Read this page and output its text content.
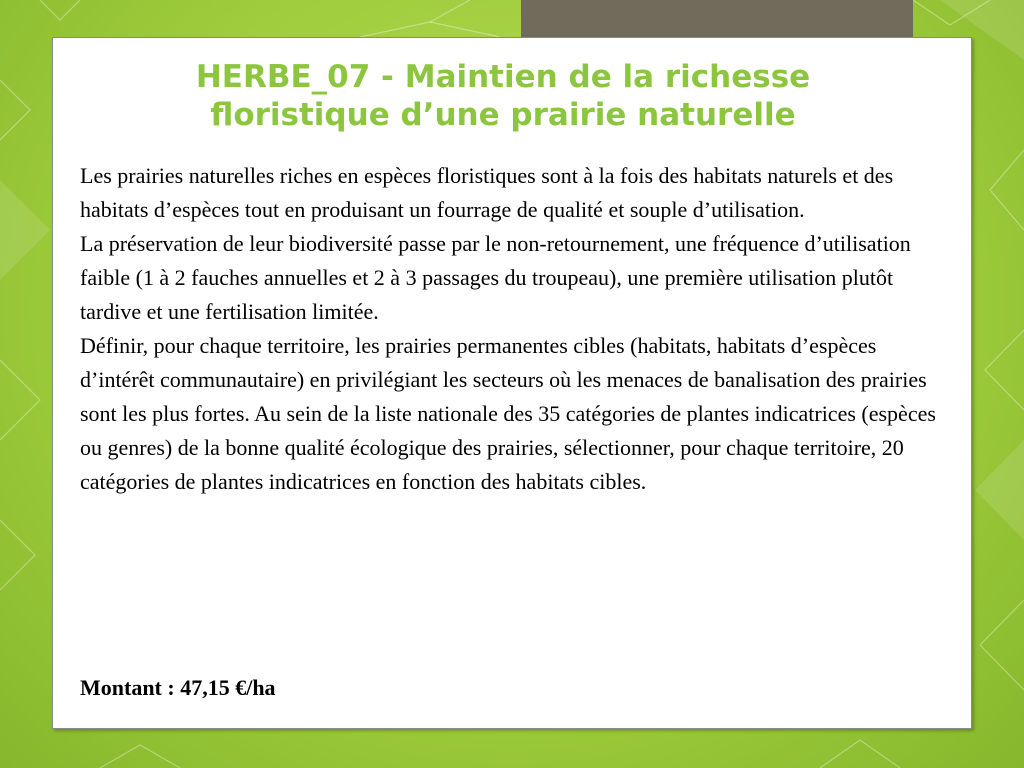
HERBE_07 - Maintien de la richesse
floristique d’une prairie naturelle

Les prairies naturelles riches en espèces floristiques sont à la fois des habitats naturels et des habitats d’espèces tout en produisant un fourrage de qualité et souple d’utilisation.

La préservation de leur biodiversité passe par le non-retournement, une fréquence d’utilisation faible (1 à 2 fauches annuelles et 2 à 3 passages du troupeau), une première utilisation plutôt tardive et une fertilisation limitée.

Définir, pour chaque territoire, les prairies permanentes cibles (habitats, habitats d’espèces d’intérêt communautaire) en privilégiant les secteurs où les menaces de banalisation des prairies sont les plus fortes. Au sein de la liste nationale des 35 catégories de plantes indicatrices (espèces ou genres) de la bonne qualité écologique des prairies, sélectionner, pour chaque territoire, 20 catégories de plantes indicatrices en fonction des habitats cibles.

Montant : 47,15 €/ha
